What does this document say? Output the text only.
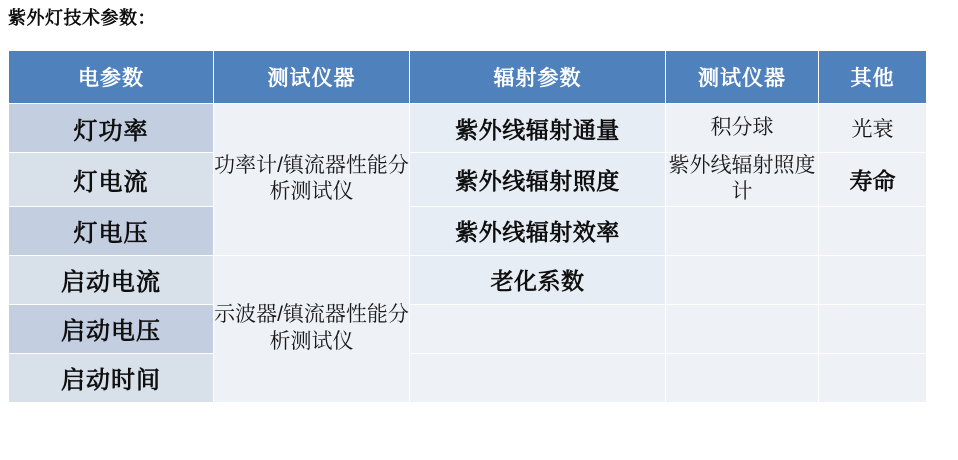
紫外灯技术参数：
电参数	测试仪器	辐射参数	测试仪器	其他
灯功率	功率计/镇流器性能分析测试仪	紫外线辐射通量	积分球	光衰
灯电流		紫外线辐射照度	紫外线辐射照度计	寿命
灯电压		紫外线辐射效率		
启动电流	示波器/镇流器性能分析测试仪	老化系数		
启动电压				
启动时间				
